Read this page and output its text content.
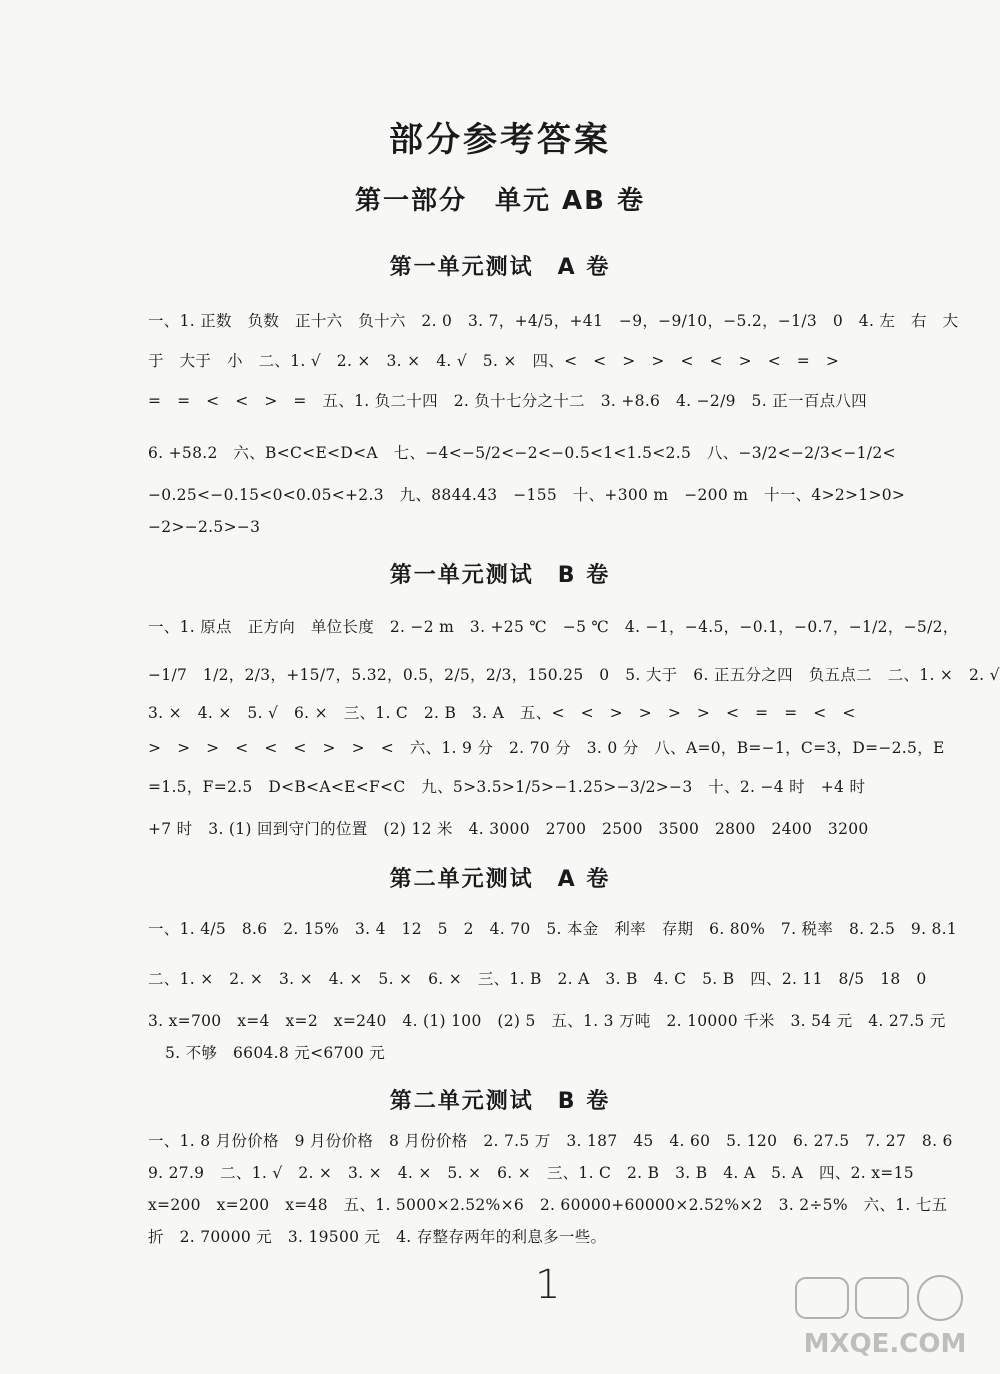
部分参考答案
第一部分　单元 AB 卷
第一单元测试　A 卷
一、1. 正数　负数　正十六　负十六　2. 0　3. 7，+4/5，+41　−9，−9/10，−5.2，−1/3　0　4. 左　右　大
于　大于　小　二、1. √　2. ×　3. ×　4. √　5. ×　四、<　<　>　>　<　<　>　<　=　>
=　=　<　<　>　=　五、1. 负二十四　2. 负十七分之十二　3. +8.6　4. −2/9　5. 正一百点八四
6. +58.2　六、B<C<E<D<A　七、−4<−5/2<−2<−0.5<1<1.5<2.5　八、−3/2<−2/3<−1/2<
−0.25<−0.15<0<0.05<+2.3　九、8844.43　−155　十、+300 m　−200 m　十一、4>2>1>0>
−2>−2.5>−3
第一单元测试　B 卷
一、1. 原点　正方向　单位长度　2. −2 m　3. +25 ℃　−5 ℃　4. −1，−4.5，−0.1，−0.7，−1/2，−5/2，
−1/7　1/2，2/3，+15/7，5.32，0.5，2/5，2/3，150.25　0　5. 大于　6. 正五分之四　负五点二　二、1. ×　2. √
3. ×　4. ×　5. √　6. ×　三、1. C　2. B　3. A　五、<　<　>　>　>　>　<　=　=　<　<
>　>　>　<　<　<　>　>　<　六、1. 9 分　2. 70 分　3. 0 分　八、A=0，B=−1，C=3，D=−2.5，E
=1.5，F=2.5　D<B<A<E<F<C　九、5>3.5>1/5>−1.25>−3/2>−3　十、2. −4 时　+4 时
+7 时　3. (1) 回到守门的位置　(2) 12 米　4. 3000　2700　2500　3500　2800　2400　3200
第二单元测试　A 卷
一、1. 4/5　8.6　2. 15%　3. 4　12　5　2　4. 70　5. 本金　利率　存期　6. 80%　7. 税率　8. 2.5　9. 8.1
二、1. ×　2. ×　3. ×　4. ×　5. ×　6. ×　三、1. B　2. A　3. B　4. C　5. B　四、2. 11　8/5　18　0
3. x=700　x=4　x=2　x=240　4. (1) 100　(2) 5　五、1. 3 万吨　2. 10000 千米　3. 54 元　4. 27.5 元
5. 不够　6604.8 元<6700 元
第二单元测试　B 卷
一、1. 8 月份价格　9 月份价格　8 月份价格　2. 7.5 万　3. 187　45　4. 60　5. 120　6. 27.5　7. 27　8. 6
9. 27.9　二、1. √　2. ×　3. ×　4. ×　5. ×　6. ×　三、1. C　2. B　3. B　4. A　5. A　四、2. x=15
x=200　x=200　x=48　五、1. 5000×2.52%×6　2. 60000+60000×2.52%×2　3. 2÷5%　六、1. 七五
折　2. 70000 元　3. 19500 元　4. 存整存两年的利息多一些。
1
MXQE.COM
